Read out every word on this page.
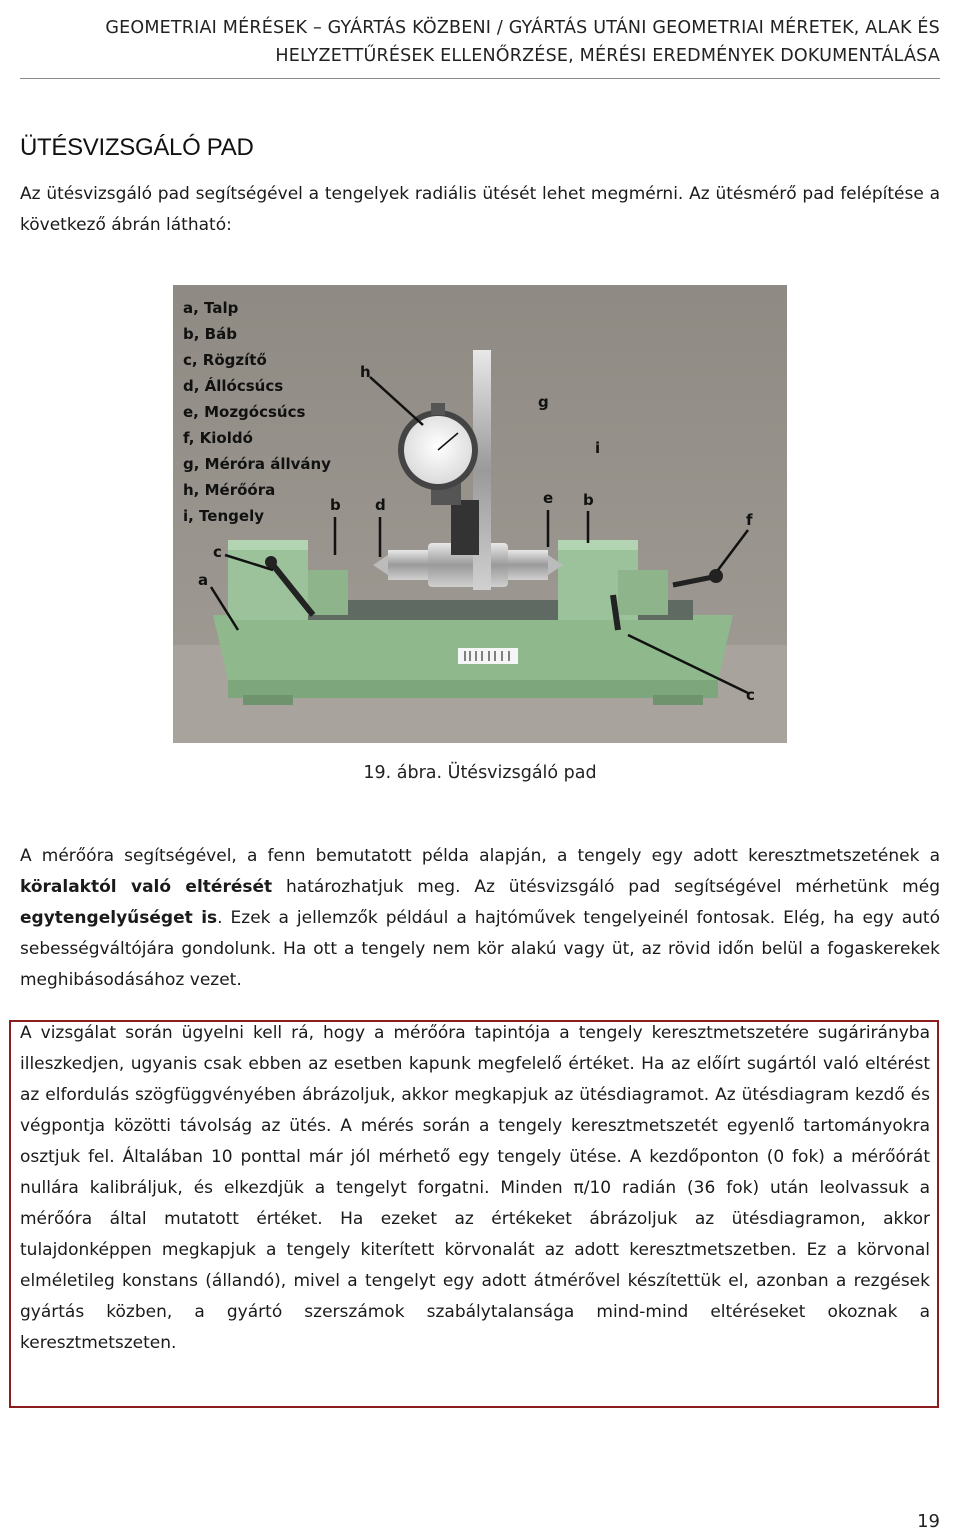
GEOMETRIAI MÉRÉSEK – GYÁRTÁS KÖZBENI / GYÁRTÁS UTÁNI GEOMETRIAI MÉRETEK, ALAK ÉS
HELYZETTŰRÉSEK ELLENŐRZÉSE, MÉRÉSI EREDMÉNYEK DOKUMENTÁLÁSA
ÜTÉSVIZSGÁLÓ PAD

Az ütésvizsgáló pad segítségével a tengelyek radiális ütését lehet megmérni. Az ütésmérő pad felépítése a következő ábrán látható:

a, Talp
b, Báb
c, Rögzítő
d, Állócsúcs
e, Mozgócsúcs
f, Kioldó
g, Méróra állvány
h, Mérőóra
i, Tengely
a
c
b d
h
g
i
e b
f
c
19. ábra. Ütésvizsgáló pad

A mérőóra segítségével, a fenn bemutatott példa alapján, a tengely egy adott keresztmetszetének a köralaktól való eltérését határozhatjuk meg. Az ütésvizsgáló pad segítségével mérhetünk még egytengelyűséget is. Ezek a jellemzők például a hajtóművek tengelyeinél fontosak. Elég, ha egy autó sebességváltójára gondolunk. Ha ott a tengely nem kör alakú vagy üt, az rövid időn belül a fogaskerekek meghibásodásához vezet.

A vizsgálat során ügyelni kell rá, hogy a mérőóra tapintója a tengely keresztmetszetére sugárirányba illeszkedjen, ugyanis csak ebben az esetben kapunk megfelelő értéket. Ha az előírt sugártól való eltérést az elfordulás szögfüggvényében ábrázoljuk, akkor megkapjuk az ütésdiagramot. Az ütésdiagram kezdő és végpontja közötti távolság az ütés. A mérés során a tengely keresztmetszetét egyenlő tartományokra osztjuk fel. Általában 10 ponttal már jól mérhető egy tengely ütése. A kezdőponton (0 fok) a mérőórát nullára kalibráljuk, és elkezdjük a tengelyt forgatni. Minden π/10 radián (36 fok) után leolvassuk a mérőóra által mutatott értéket. Ha ezeket az értékeket ábrázoljuk az ütésdiagramon, akkor tulajdonképpen megkapjuk a tengely kiterített körvonalát az adott keresztmetszetben. Ez a körvonal elméletileg konstans (állandó), mivel a tengelyt egy adott átmérővel készítettük el, azonban a rezgések gyártás közben, a gyártó szerszámok szabálytalansága mind-mind eltéréseket okoznak a keresztmetszeten.

19
